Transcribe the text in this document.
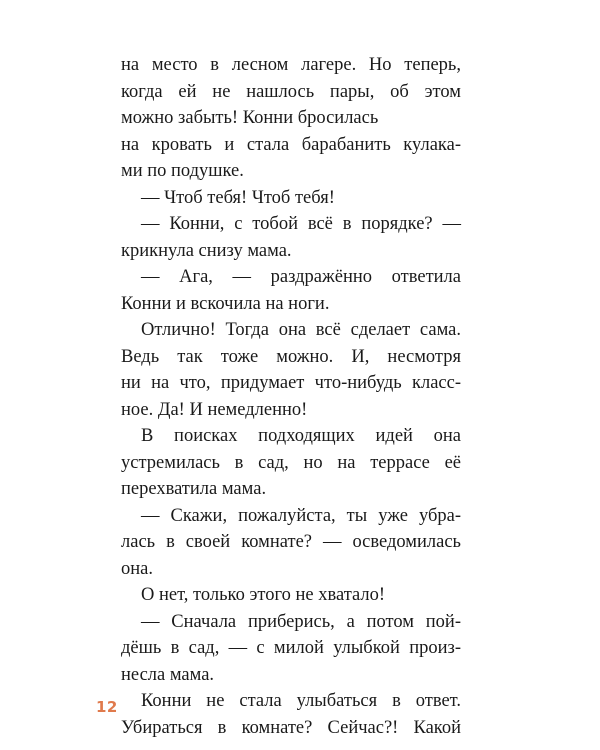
на место в лесном лагере. Но теперь,
когда ей не нашлось пары, об этом
можно забыть! Конни бросилась
на кровать и стала барабанить кулака-
ми по подушке.
— Чтоб тебя! Чтоб тебя!
— Конни, с тобой всё в порядке? —
крикнула снизу мама.
— Ага, — раздражённо ответила
Конни и вскочила на ноги.
Отлично! Тогда она всё сделает сама.
Ведь так тоже можно. И, несмотря
ни на что, придумает что-нибудь класс-
ное. Да! И немедленно!
В поисках подходящих идей она
устремилась в сад, но на террасе её
перехватила мама.
— Скажи, пожалуйста, ты уже убра-
лась в своей комнате? — осведомилась
она.
О нет, только этого не хватало!
— Сначала приберись, а потом пой-
дёшь в сад, — с милой улыбкой произ-
несла мама.
Конни не стала улыбаться в ответ.
Убираться в комнате? Сейчас?! Какой
12
